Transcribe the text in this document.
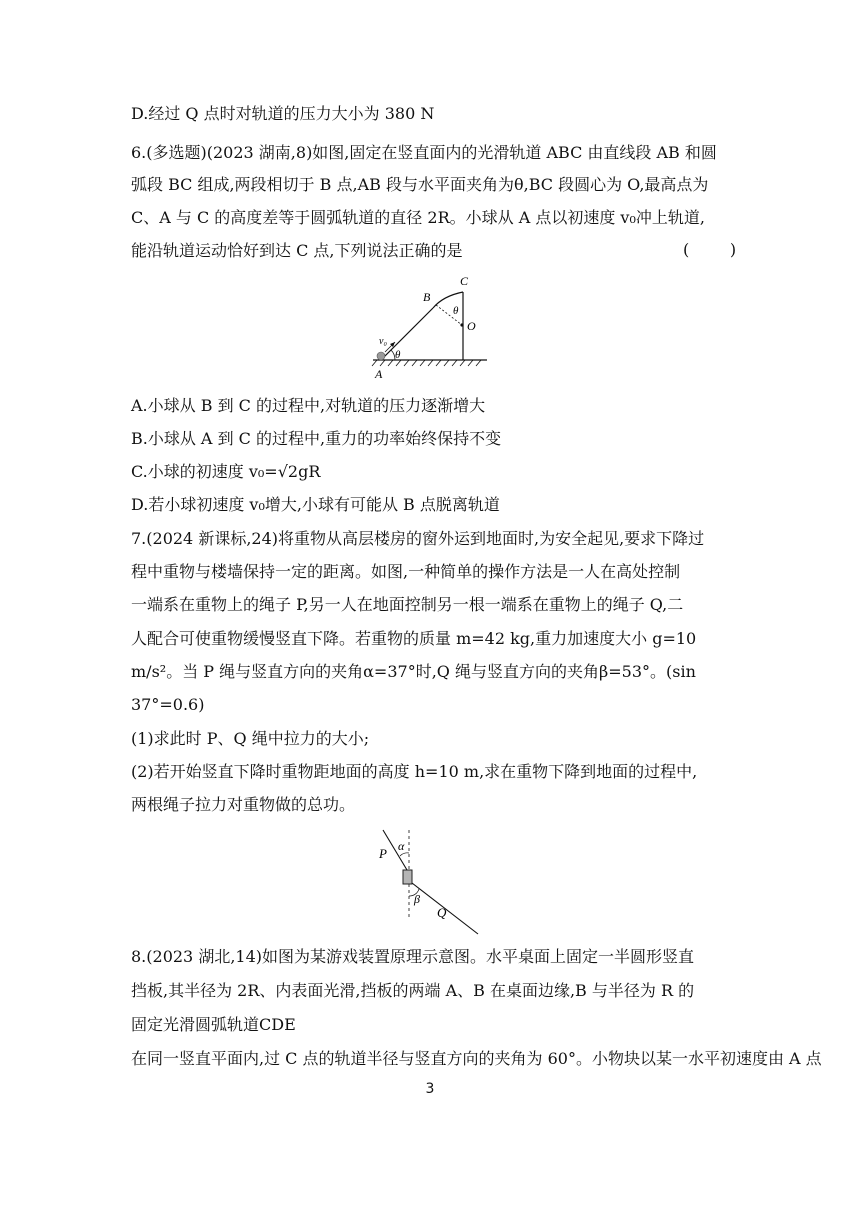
D.经过 Q 点时对轨道的压力大小为 380 N
6.(多选题)(2023 湖南,8)如图,固定在竖直面内的光滑轨道 ABC 由直线段 AB 和圆
弧段 BC 组成,两段相切于 B 点,AB 段与水平面夹角为θ,BC 段圆心为 O,最高点为
C、A 与 C 的高度差等于圆弧轨道的直径 2R。小球从 A 点以初速度 v₀冲上轨道,
能沿轨道运动恰好到达 C 点,下列说法正确的是	(        )
C
B
θ
O
v₀
θ
A
A.小球从 B 到 C 的过程中,对轨道的压力逐渐增大
B.小球从 A 到 C 的过程中,重力的功率始终保持不变
C.小球的初速度 v₀=√2gR
D.若小球初速度 v₀增大,小球有可能从 B 点脱离轨道
7.(2024 新课标,24)将重物从高层楼房的窗外运到地面时,为安全起见,要求下降过
程中重物与楼墙保持一定的距离。如图,一种简单的操作方法是一人在高处控制
一端系在重物上的绳子 P,另一人在地面控制另一根一端系在重物上的绳子 Q,二
人配合可使重物缓慢竖直下降。若重物的质量 m=42 kg,重力加速度大小 g=10
m/s²。当 P 绳与竖直方向的夹角α=37°时,Q 绳与竖直方向的夹角β=53°。(sin
37°=0.6)
(1)求此时 P、Q 绳中拉力的大小;
(2)若开始竖直下降时重物距地面的高度 h=10 m,求在重物下降到地面的过程中,
两根绳子拉力对重物做的总功。
P α
β
Q
8.(2023 湖北,14)如图为某游戏装置原理示意图。水平桌面上固定一半圆形竖直
挡板,其半径为 2R、内表面光滑,挡板的两端 A、B 在桌面边缘,B 与半径为 R 的
固定光滑圆弧轨道CDE
在同一竖直平面内,过 C 点的轨道半径与竖直方向的夹角为 60°。小物块以某一水平初速度由 A 点
3
